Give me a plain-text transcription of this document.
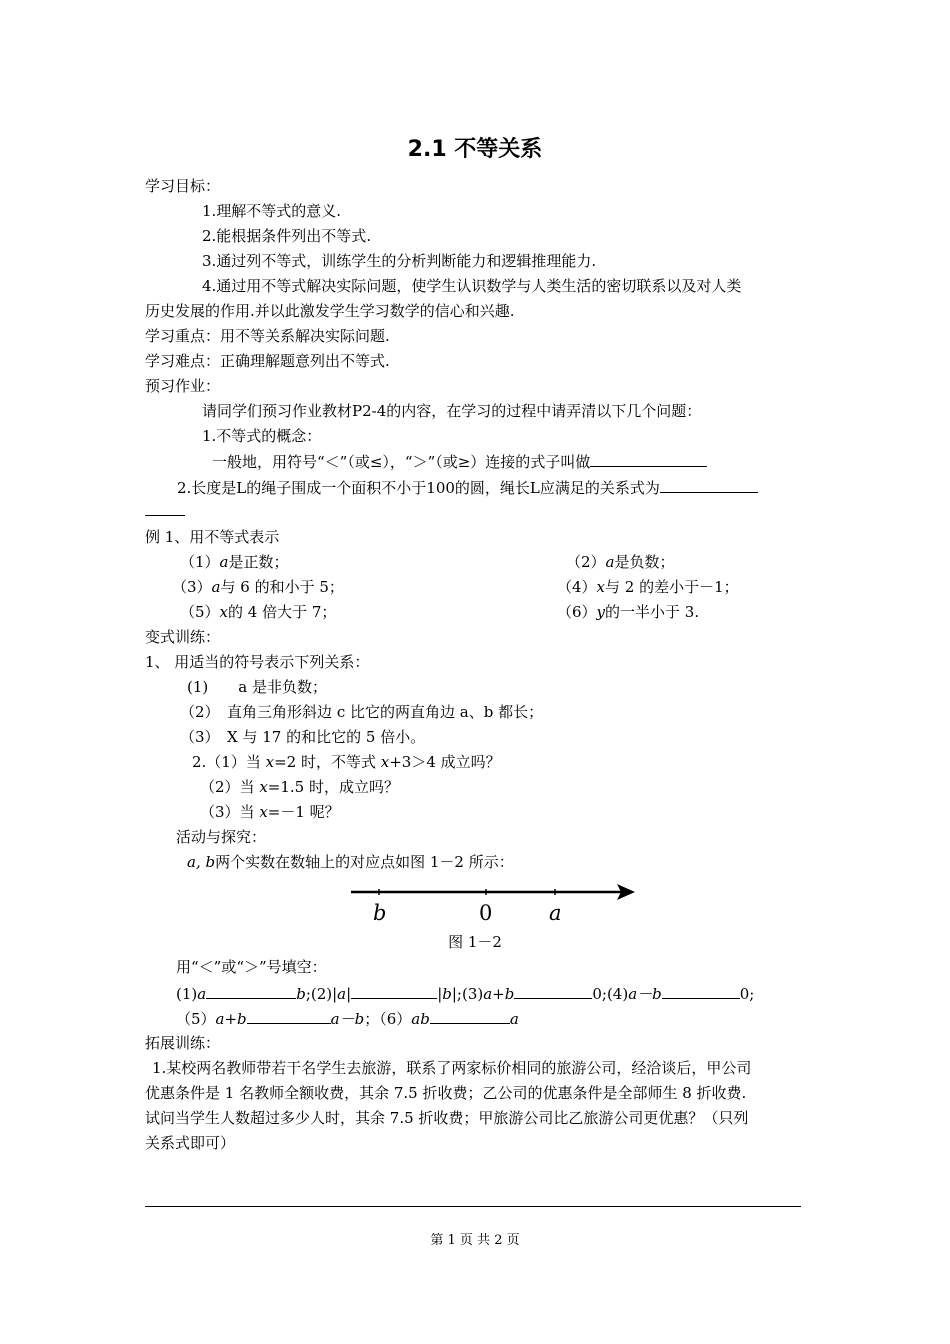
2.1 不等关系
学习目标：
1.理解不等式的意义.
2.能根据条件列出不等式.
3.通过列不等式，训练学生的分析判断能力和逻辑推理能力.
4.通过用不等式解决实际问题，使学生认识数学与人类生活的密切联系以及对人类
历史发展的作用.并以此激发学生学习数学的信心和兴趣.
学习重点：用不等关系解决实际问题.
学习难点：正确理解题意列出不等式.
预习作业：
请同学们预习作业教材P2-4的内容，在学习的过程中请弄清以下几个问题：
1.不等式的概念：
一般地，用符号“＜”（或≤），“＞”（或≥）连接的式子叫做
2.长度是L的绳子围成一个面积不小于100的圆，绳长L应满足的关系式为
例 1、用不等式表示
（1）a是正数；	（2）a是负数；
（3）a与 6 的和小于 5；	（4）x与 2 的差小于－1；
（5）x的 4 倍大于 7；	（6）y的一半小于 3.
变式训练：
1、 用适当的符号表示下列关系：
(1)　　a 是非负数；
（2）　直角三角形斜边 c 比它的两直角边 a、b 都长；
（3）　X 与 17 的和比它的 5 倍小。
2.（1）当 x=2 时，不等式 x+3＞4 成立吗？
（2）当 x=1.5 时，成立吗？
（3）当 x=－1 呢？
活动与探究：
a, b两个实数在数轴上的对应点如图 1－2 所示：
b	0	a
图 1－2
用“＜”或“＞”号填空：
(1)a	b;(2)|a|	|b|;(3)a+b	0;(4)a－b	0;
（5）a+b	a－b；（6）ab	a
拓展训练：
1.某校两名教师带若干名学生去旅游，联系了两家标价相同的旅游公司，经洽谈后，甲公司
优惠条件是 1 名教师全额收费，其余 7.5 折收费；乙公司的优惠条件是全部师生 8 折收费.
试问当学生人数超过多少人时，其余 7.5 折收费；甲旅游公司比乙旅游公司更优惠？（只列
关系式即可）
第 1 页 共 2 页
